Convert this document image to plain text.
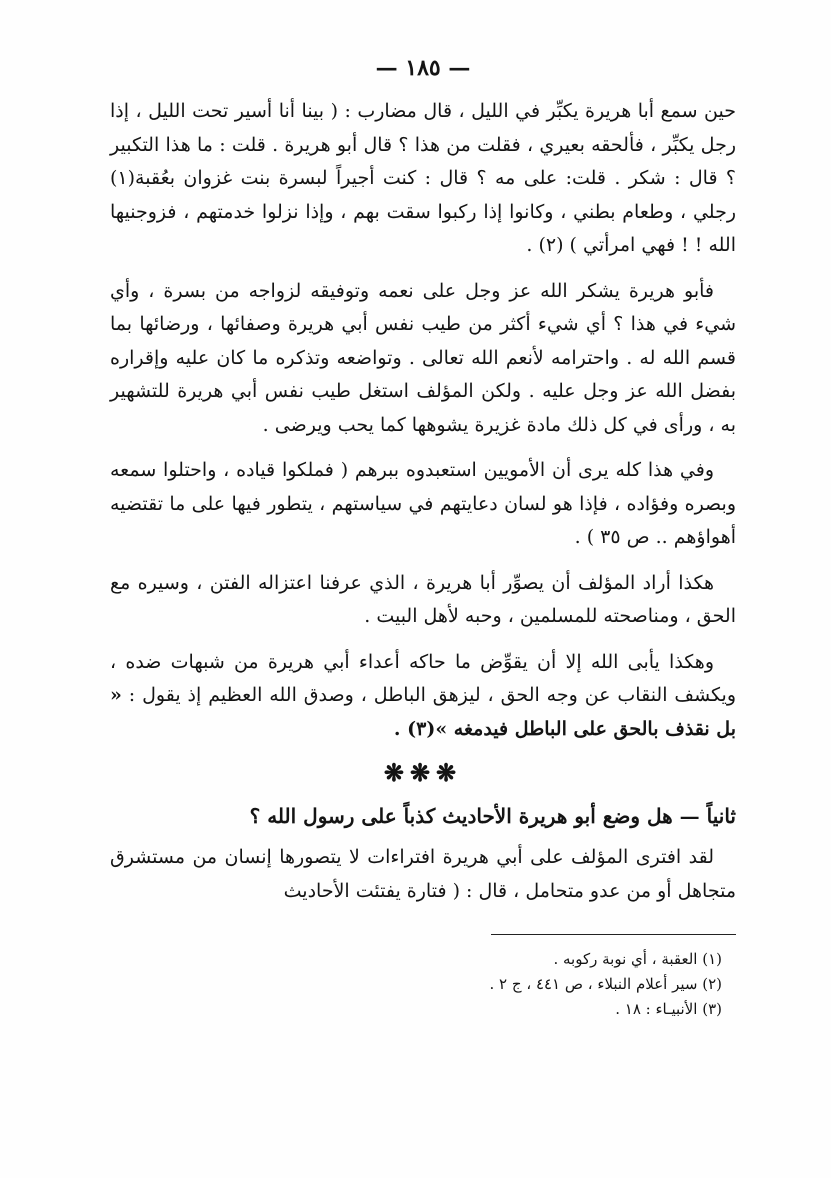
— ١٨٥ —

حين سمع أبا هريرة يكبِّر في الليل ، قال مضارب : ( بينا أنا أسير تحت الليل ، إذا رجل يكبِّر ، فألحقه بعيري ، فقلت من هذا ؟ قال أبو هريرة . قلت : ما هذا التكبير ؟ قال : شكر . قلت: على مه ؟ قال : كنت أجيراً لبسرة بنت غزوان بعُقبة(١) رجلي ، وطعام بطني ، وكانوا إذا ركبوا سقت بهم ، وإذا نزلوا خدمتهم ، فزوجنيها الله ! ! فهي امرأتي ) (٢) .

فأبو هريرة يشكر الله عز وجل على نعمه وتوفيقه لزواجه من بسرة ، وأي شيء في هذا ؟ أي شيء أكثر من طيب نفس أبي هريرة وصفائها ، ورضائها بما قسم الله له . واحترامه لأنعم الله تعالى . وتواضعه وتذكره ما كان عليه وإقراره بفضل الله عز وجل عليه . ولكن المؤلف استغل طيب نفس أبي هريرة للتشهير به ، ورأى في كل ذلك مادة غزيرة يشوهها كما يحب ويرضى .

وفي هذا كله يرى أن الأمويين استعبدوه ببرهم ( فملكوا قياده ، واحتلوا سمعه وبصره وفؤاده ، فإذا هو لسان دعايتهم في سياستهم ، يتطور فيها على ما تقتضيه أهواؤهم .. ص ٣٥ ) .

هكذا أراد المؤلف أن يصوِّر أبا هريرة ، الذي عرفنا اعتزاله الفتن ، وسيره مع الحق ، ومناصحته للمسلمين ، وحبه لأهل البيت .

وهكذا يأبى الله إلا أن يقوِّض ما حاكه أعداء أبي هريرة من شبهات ضده ، ويكشف النقاب عن وجه الحق ، ليزهق الباطل ، وصدق الله العظيم إذ يقول : « بل نقذف بالحق على الباطل فيدمغه »(٣) .

❋❋❋
ثانياً — هل وضع أبو هريرة الأحاديث كذباً على رسول الله ؟

لقد افترى المؤلف على أبي هريرة افتراءات لا يتصورها إنسان من مستشرق متجاهل أو من عدو متحامل ، قال : ( فتارة يفتئت الأحاديث

(١) العقبة ، أي نوبة ركوبه .

(٢) سير أعلام النبلاء ، ص ٤٤١ ، ج ٢ .

(٣) الأنبيـاء : ١٨ .
